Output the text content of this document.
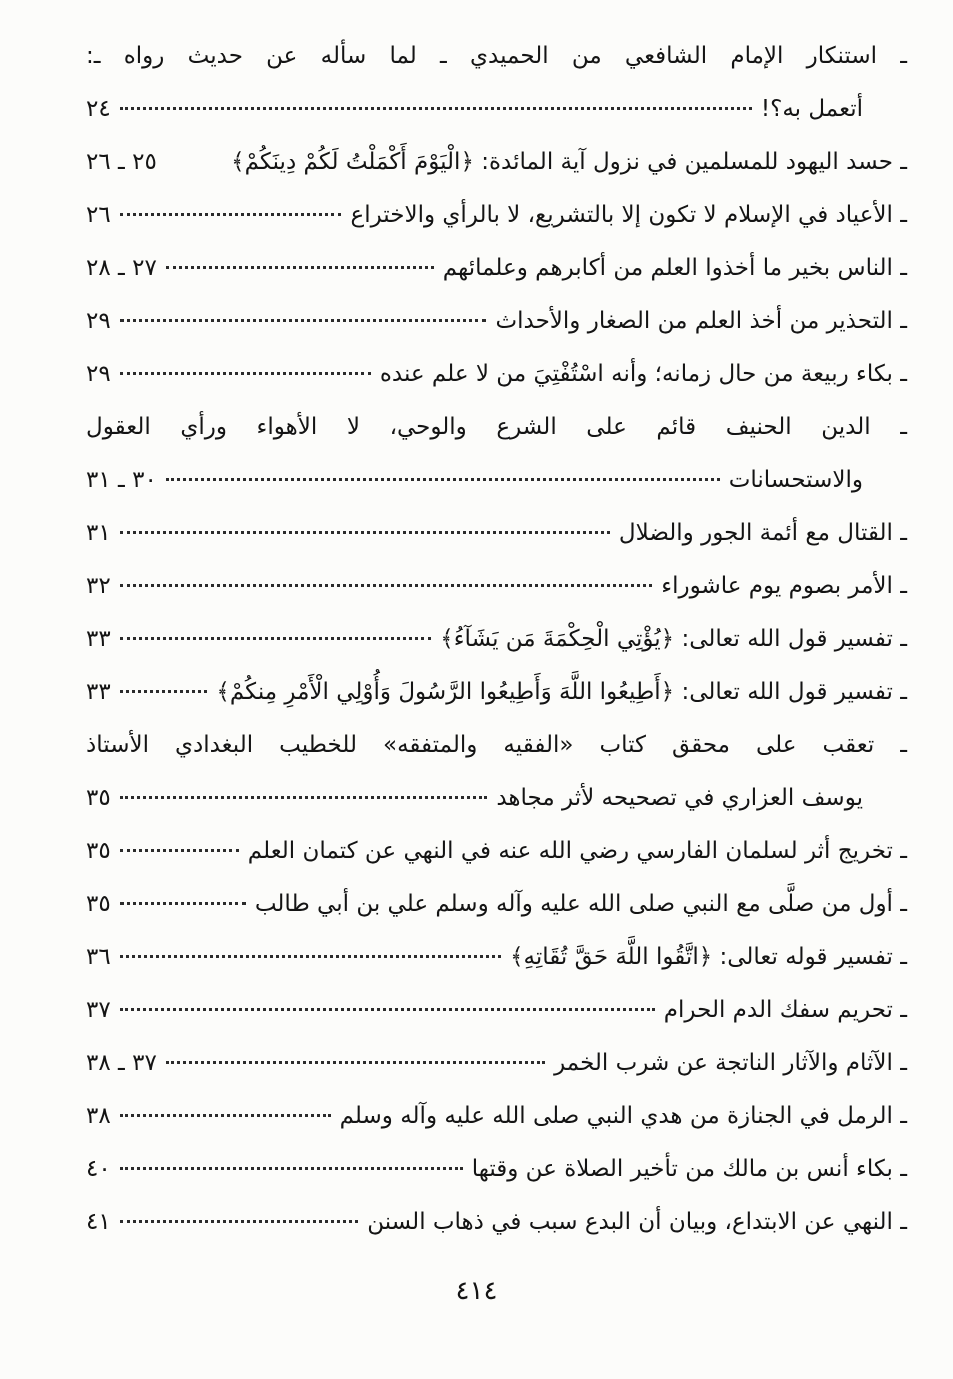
ـ استنكار الإمام الشافعي من الحميدي ـ لما سأله عن حديث رواه ـ:
أتعمل به؟!
٢٤
ـ حسد اليهود للمسلمين في نزول آية المائدة: ﴿الْيَوْمَ أَكْمَلْتُ لَكُمْ دِينَكُمْ﴾
٢٥ ـ ٢٦
ـ الأعياد في الإسلام لا تكون إلا بالتشريع، لا بالرأي والاختراع
٢٦
ـ الناس بخير ما أخذوا العلم من أكابرهم وعلمائهم
٢٧ ـ ٢٨
ـ التحذير من أخذ العلم من الصغار والأحداث
٢٩
ـ بكاء ربيعة من حال زمانه؛ وأنه اسْتُفْتِيَ من لا علم عنده
٢٩
ـ الدين الحنيف قائم على الشرع والوحي، لا الأهواء ورأي العقول
والاستحسانات
٣٠ ـ ٣١
ـ القتال مع أئمة الجور والضلال
٣١
ـ الأمر بصوم يوم عاشوراء
٣٢
ـ تفسير قول الله تعالى: ﴿يُؤْتِي الْحِكْمَةَ مَن يَشَآءُ﴾
٣٣
ـ تفسير قول الله تعالى: ﴿أَطِيعُوا اللَّهَ وَأَطِيعُوا الرَّسُولَ وَأُوْلِي الْأَمْرِ مِنكُمْ﴾
٣٣
ـ تعقب على محقق كتاب «الفقيه والمتفقه» للخطيب البغدادي الأستاذ
يوسف العزاري في تصحيحه لأثر مجاهد
٣٥
ـ تخريج أثر لسلمان الفارسي رضي الله عنه في النهي عن كتمان العلم
٣٥
ـ أول من صلَّى مع النبي صلى الله عليه وآله وسلم علي بن أبي طالب
٣٥
ـ تفسير قوله تعالى: ﴿اتَّقُوا اللَّهَ حَقَّ تُقَاتِهِ﴾
٣٦
ـ تحريم سفك الدم الحرام
٣٧
ـ الآثام والآثار الناتجة عن شرب الخمر
٣٧ ـ ٣٨
ـ الرمل في الجنازة من هدي النبي صلى الله عليه وآله وسلم
٣٨
ـ بكاء أنس بن مالك من تأخير الصلاة عن وقتها
٤٠
ـ النهي عن الابتداع، وبيان أن البدع سبب في ذهاب السنن
٤١
٤١٤
